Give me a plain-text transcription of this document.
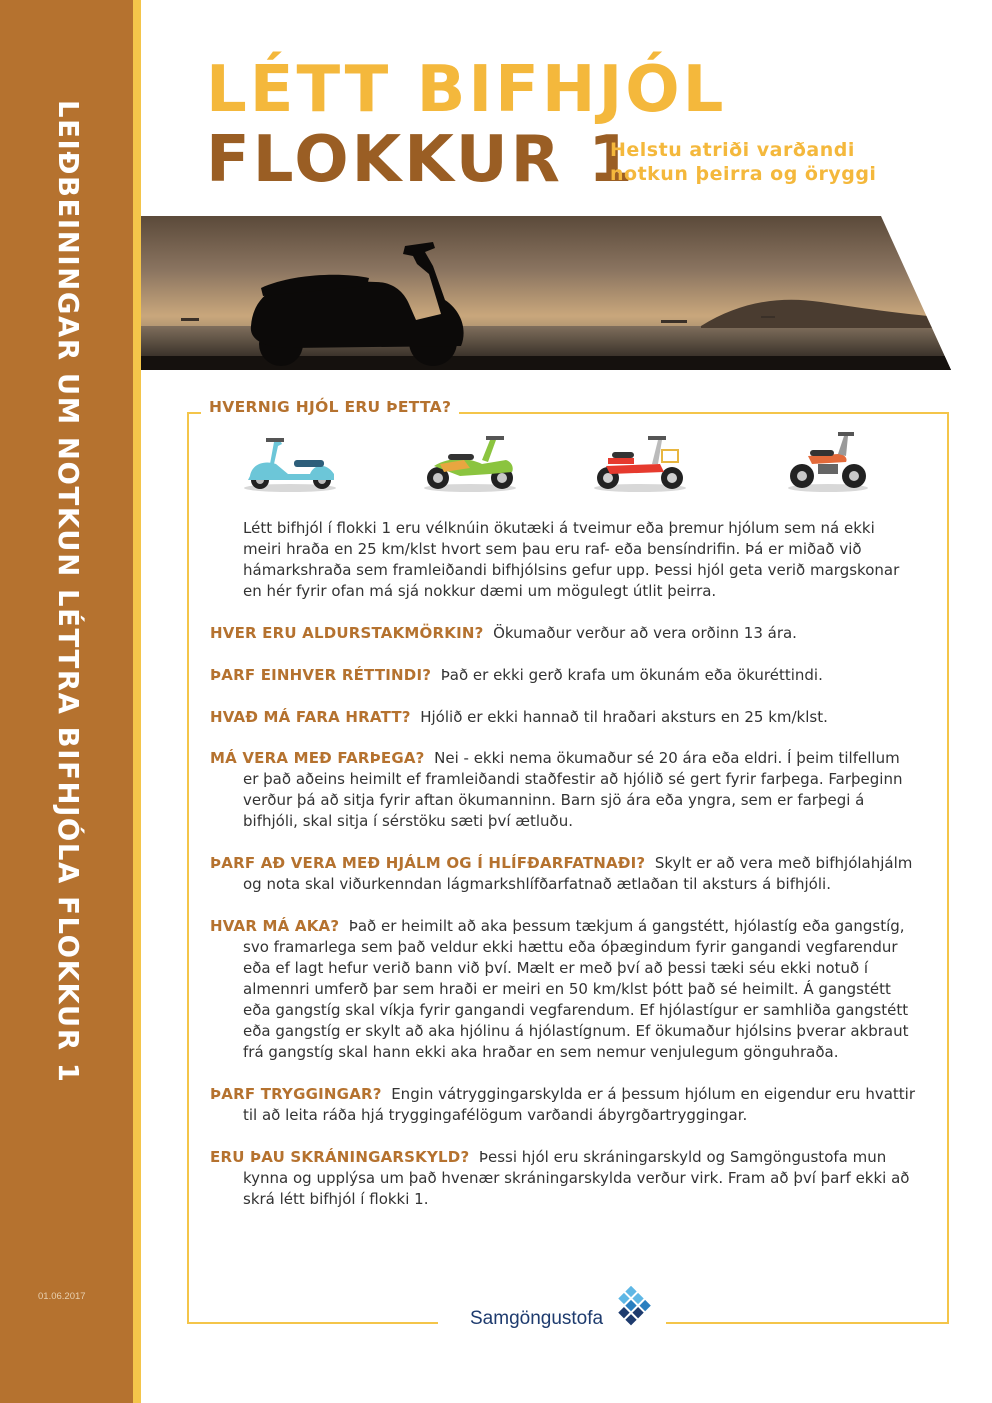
LEIÐBEININGAR UM NOTKUN LÉTTRA BIFHJÓLA FLOKKUR 1
01.06.2017
LÉTT BIFHJÓL
FLOKKUR 1
Helstu atriði varðandi
notkun þeirra og öryggi
HVERNIG HJÓL ERU ÞETTA?

Létt bifhjól í flokki 1 eru vélknúin ökutæki á tveimur eða þremur hjólum sem ná ekki meiri hraða en 25 km/klst hvort sem þau eru raf- eða bensíndrifin. Þá er miðað við hámarkshraða sem framleiðandi bifhjólsins gefur upp. Þessi hjól geta verið margskonar en hér fyrir ofan má sjá nokkur dæmi um mögulegt útlit þeirra.

HVER ERU ALDURSTAKMÖRKIN? Ökumaður verður að vera orðinn 13 ára.

ÞARF EINHVER RÉTTINDI? Það er ekki gerð krafa um ökunám eða ökuréttindi.

HVAÐ MÁ FARA HRATT? Hjólið er ekki hannað til hraðari aksturs en 25 km/klst.

MÁ VERA MEÐ FARÞEGA? Nei - ekki nema ökumaður sé 20 ára eða eldri. Í þeim tilfellum er það aðeins heimilt ef framleiðandi staðfestir að hjólið sé gert fyrir farþega. Farþeginn verður þá að sitja fyrir aftan ökumanninn. Barn sjö ára eða yngra, sem er farþegi á bifhjóli, skal sitja í sérstöku sæti því ætluðu.

ÞARF AÐ VERA MEÐ HJÁLM OG Í HLÍFÐARFATNAÐI? Skylt er að vera með bifhjólahjálm og nota skal viðurkenndan lágmarkshlífðarfatnað ætlaðan til aksturs á bifhjóli.

HVAR MÁ AKA? Það er heimilt að aka þessum tækjum á gangstétt, hjólastíg eða gangstíg, svo framarlega sem það veldur ekki hættu eða óþægindum fyrir gangandi vegfarendur eða ef lagt hefur verið bann við því. Mælt er með því að þessi tæki séu ekki notuð í almennri umferð þar sem hraði er meiri en 50 km/klst þótt það sé heimilt. Á gangstétt eða gangstíg skal víkja fyrir gangandi vegfarendum. Ef hjólastígur er samhliða gangstétt eða gangstíg er skylt að aka hjólinu á hjólastígnum. Ef ökumaður hjólsins þverar akbraut frá gangstíg skal hann ekki aka hraðar en sem nemur venjulegum gönguhraða.

ÞARF TRYGGINGAR? Engin vátryggingarskylda er á þessum hjólum en eigendur eru hvattir til að leita ráða hjá tryggingafélögum varðandi ábyrgðartryggingar.

ERU ÞAU SKRÁNINGARSKYLD? Þessi hjól eru skráningarskyld og Samgöngustofa mun kynna og upplýsa um það hvenær skráningarskylda verður virk. Fram að því þarf ekki að skrá létt bifhjól í flokki 1.

Samgöngustofa
